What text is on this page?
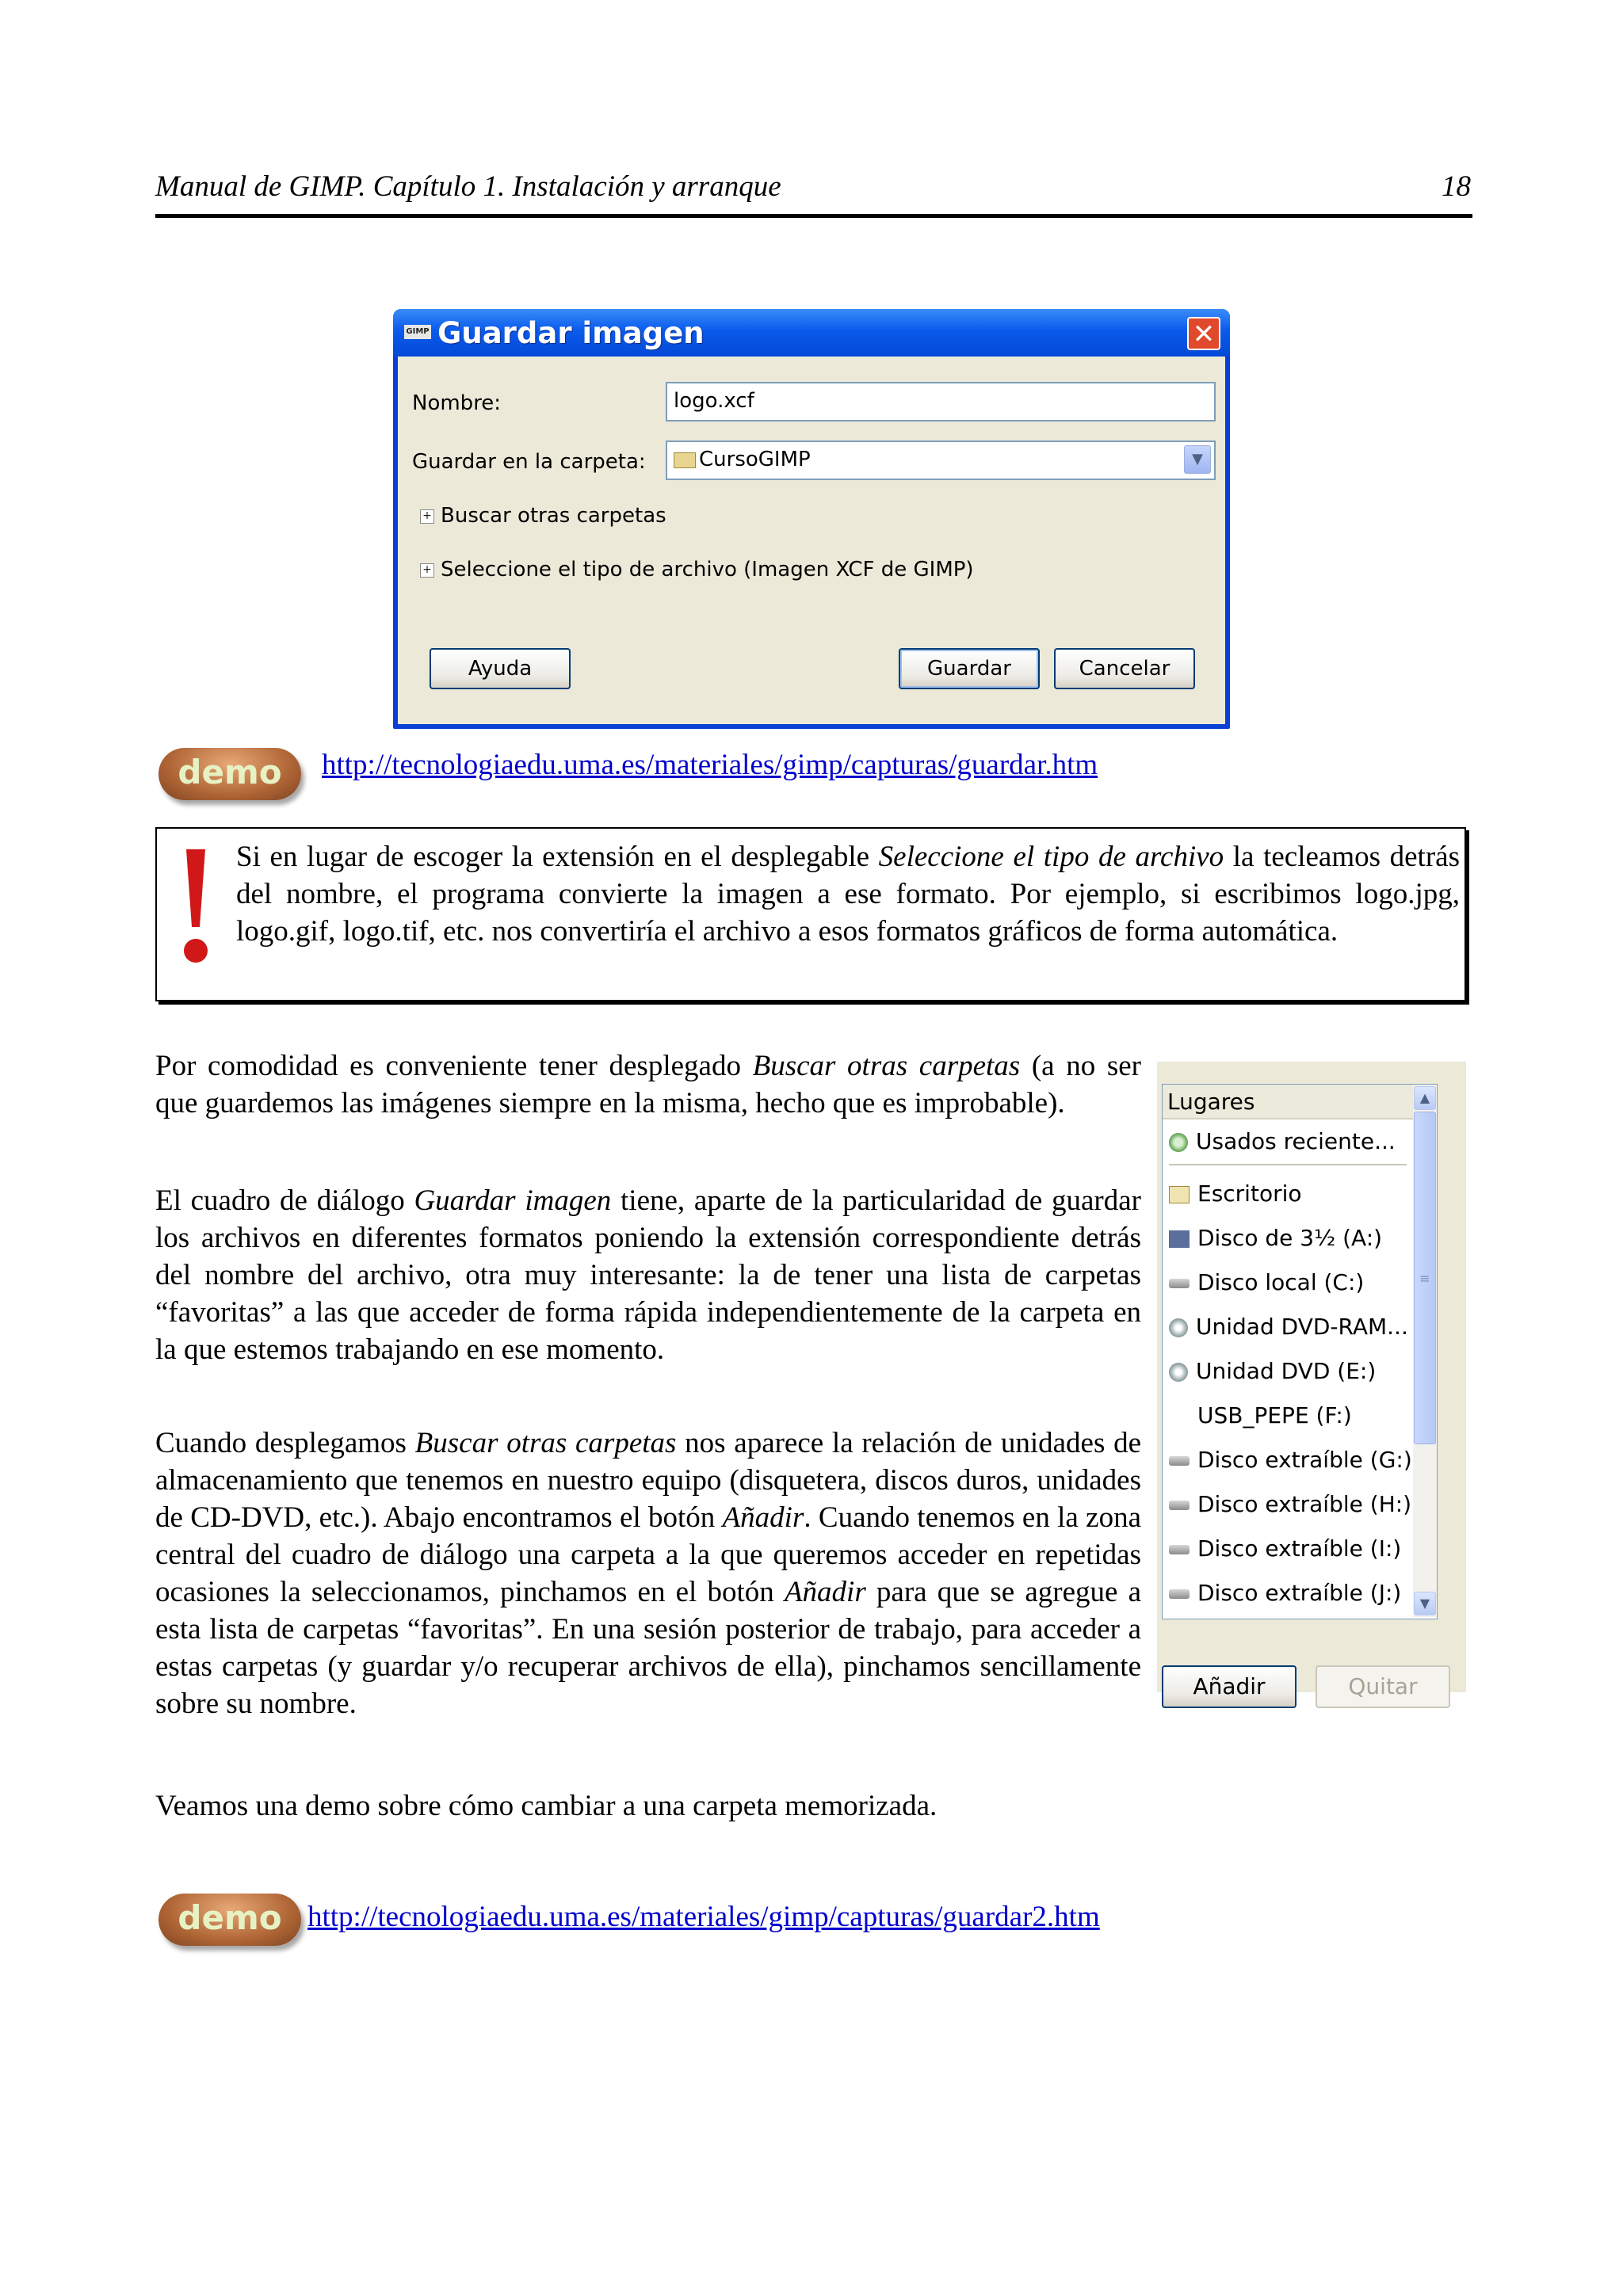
Manual de GIMP. Capítulo 1. Instalación y arranque	18
GIMP Guardar imagen	✕
Nombre:	logo.xcf
Guardar en la carpeta:	CursoGIMP	▼
+ Buscar otras carpetas
+ Seleccione el tipo de archivo (Imagen XCF de GIMP)
Ayuda	Guardar	Cancelar
demo	http://tecnologiaedu.uma.es/materiales/gimp/capturas/guardar.htm
Si en lugar de escoger la extensión en el desplegable Seleccione el tipo de archivo la tecleamos detrás del nombre, el programa convierte la imagen a ese formato. Por ejemplo, si escribimos logo.jpg, logo.gif, logo.tif, etc. nos convertiría el archivo a esos formatos gráficos de forma automática.
Por comodidad es conveniente tener desplegado Buscar otras carpetas (a no ser que guardemos las imágenes siempre en la misma, hecho que es improbable).
El cuadro de diálogo Guardar imagen tiene, aparte de la particularidad de guardar los archivos en diferentes formatos poniendo la extensión correspondiente detrás del nombre del archivo, otra muy interesante: la de tener una lista de carpetas “favoritas” a las que acceder de forma rápida independientemente de la carpeta en la que estemos trabajando en ese momento.
Cuando desplegamos Buscar otras carpetas nos aparece la relación de unidades de almacenamiento que tenemos en nuestro equipo (disquetera, discos duros, unidades de CD-DVD, etc.). Abajo encontramos el botón Añadir. Cuando tenemos en la zona central del cuadro de diálogo una carpeta a la que queremos acceder en repetidas ocasiones la seleccionamos, pinchamos en el botón Añadir para que se agregue a esta lista de carpetas “favoritas”. En una sesión posterior de trabajo, para acceder a estas carpetas (y guardar y/o recuperar archivos de ella), pinchamos sencillamente sobre su nombre.
Veamos una demo sobre cómo cambiar a una carpeta memorizada.
Lugares	▲
≡
▼
Usados reciente...
Escritorio
Disco de 3½ (A:)
Disco local (C:)
Unidad DVD-RAM...
Unidad DVD (E:)
USB_PEPE (F:)
Disco extraíble (G:)
Disco extraíble (H:)
Disco extraíble (I:)
Disco extraíble (J:)
Añadir	Quitar
demo http://tecnologiaedu.uma.es/materiales/gimp/capturas/guardar2.htm
